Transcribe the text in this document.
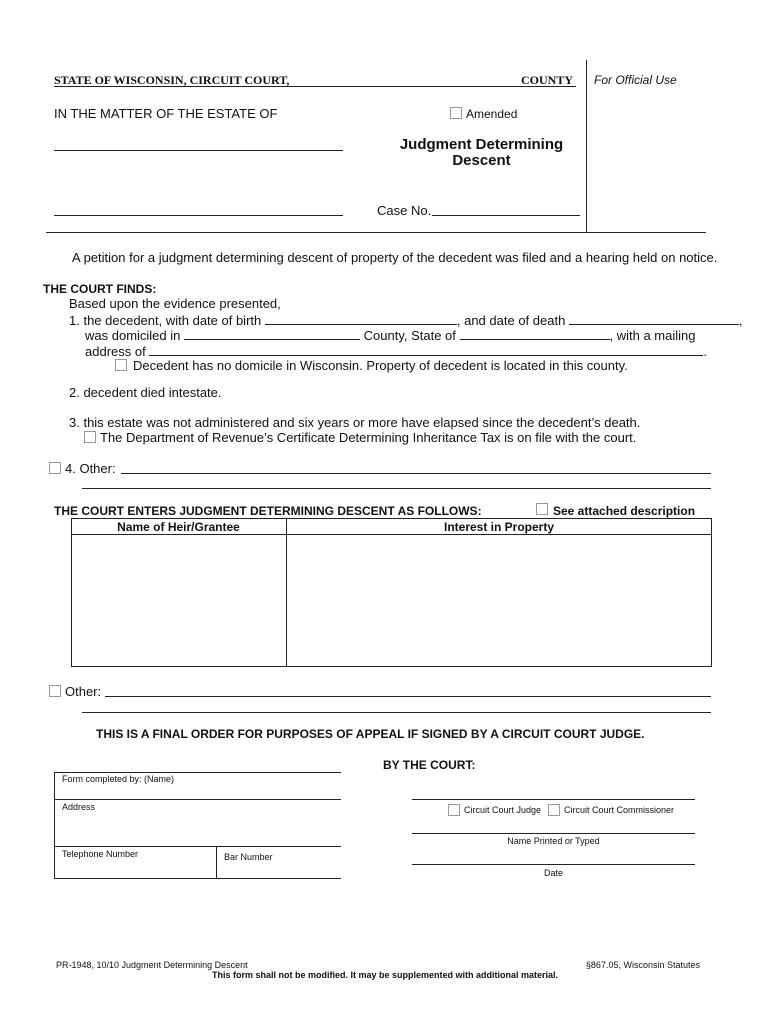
STATE OF WISCONSIN, CIRCUIT COURT,	COUNTY For Official Use
IN THE MATTER OF THE ESTATE OF	Amended
Judgment Determining
Descent
Case No.
A petition for a judgment determining descent of property of the decedent was filed and a hearing held on notice.
THE COURT FINDS:
Based upon the evidence presented,
1. the decedent, with date of birth	, and date of death	,
was domiciled in	County, State of	, with a mailing
address of	.
Decedent has no domicile in Wisconsin. Property of decedent is located in this county.
2. decedent died intestate.
3. this estate was not administered and six years or more have elapsed since the decedent’s death.
The Department of Revenue’s Certificate Determining Inheritance Tax is on file with the court.
4. Other:
THE COURT ENTERS JUDGMENT DETERMINING DESCENT AS FOLLOWS:	See attached description
Name of Heir/Grantee	Interest in Property
Other:
THIS IS A FINAL ORDER FOR PURPOSES OF APPEAL IF SIGNED BY A CIRCUIT COURT JUDGE.
Form completed by: (Name)
Address
Telephone Number	Bar Number
BY THE COURT:
Circuit Court Judge	Circuit Court Commissioner
Name Printed or Typed
Date
PR-1948, 10/10 Judgment Determining Descent	§867.05, Wisconsin Statutes
This form shall not be modified. It may be supplemented with additional material.
